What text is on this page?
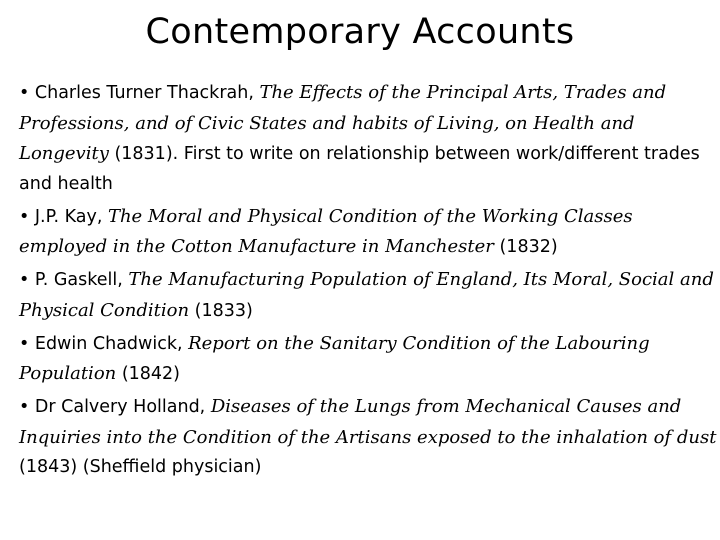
Contemporary Accounts
• Charles Turner Thackrah, The Effects of the Principal Arts, Trades and Professions, and of Civic States and habits of Living, on Health and Longevity (1831). First to write on relationship between work/different trades and health
• J.P. Kay, The Moral and Physical Condition of the Working Classes employed in the Cotton Manufacture in Manchester (1832)
• P. Gaskell, The Manufacturing Population of England, Its Moral, Social and Physical Condition (1833)
• Edwin Chadwick, Report on the Sanitary Condition of the Labouring Population (1842)
• Dr Calvery Holland, Diseases of the Lungs from Mechanical Causes and Inquiries into the Condition of the Artisans exposed to the inhalation of dust (1843) (Sheffield physician)
